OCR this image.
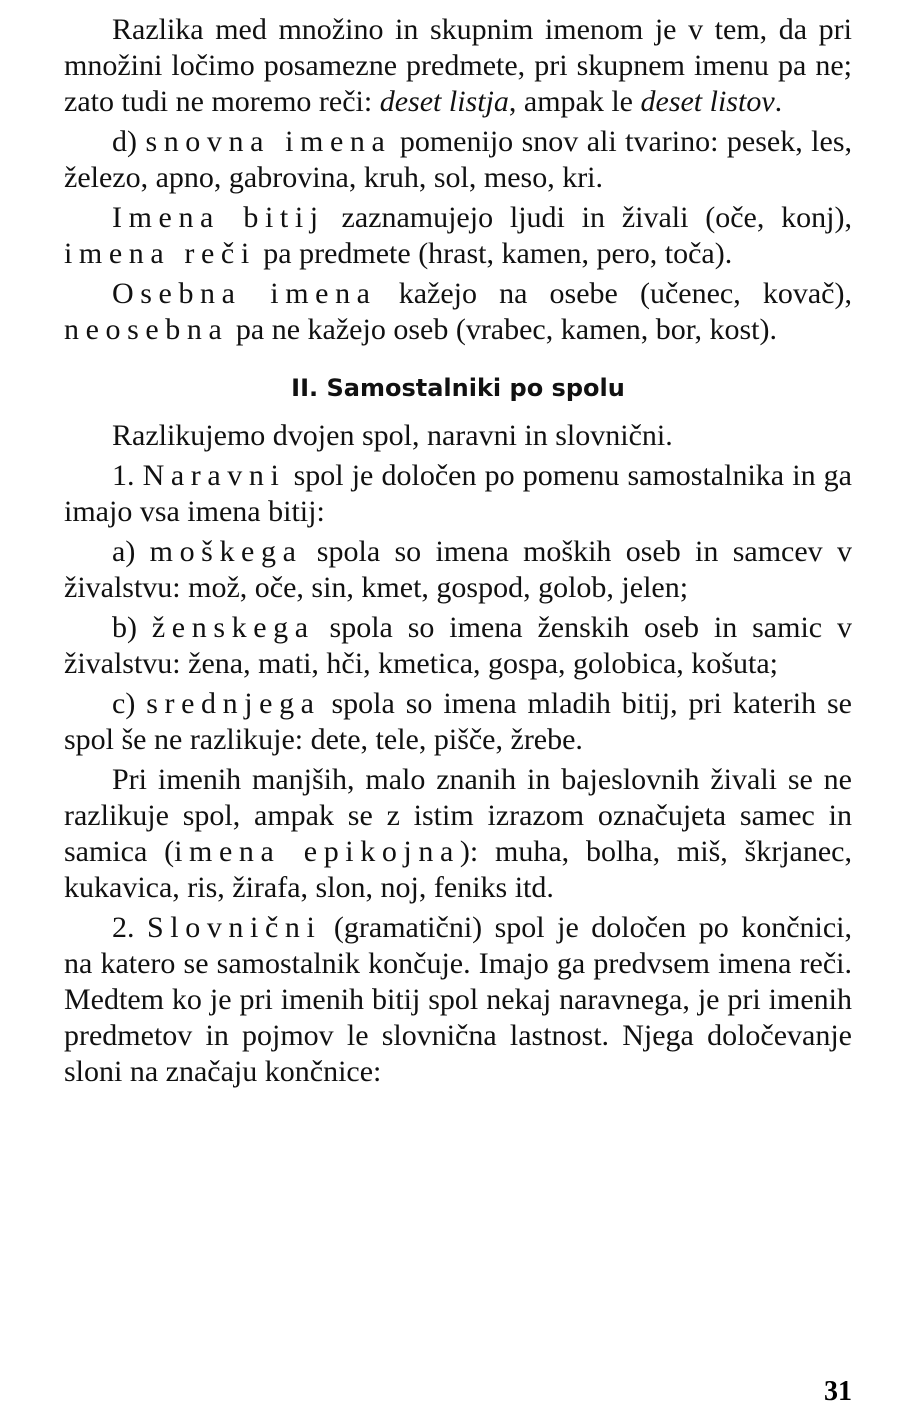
Razlika med množino in skupnim imenom je v tem, da pri množini ločimo posamezne predmete, pri skupnem imenu pa ne; zato tudi ne moremo reči: deset listja, ampak le deset listov.

d) snovna imena pomenijo snov ali tvarino: pesek, les, železo, apno, gabrovina, kruh, sol, meso, kri.

Imena bitij zaznamujejo ljudi in živali (oče, konj), imena reči pa predmete (hrast, kamen, pero, toča).

Osebna imena kažejo na osebe (učenec, kovač), neosebna pa ne kažejo oseb (vrabec, kamen, bor, kost).

II. Samostalniki po spolu

Razlikujemo dvojen spol, naravni in slovnični.

1. Naravni spol je določen po pomenu samostalnika in ga imajo vsa imena bitij:

a) moškega spola so imena moških oseb in samcev v živalstvu: mož, oče, sin, kmet, gospod, golob, jelen;

b) ženskega spola so imena ženskih oseb in samic v živalstvu: žena, mati, hči, kmetica, gospa, golobica, košuta;

c) srednjega spola so imena mladih bitij, pri katerih se spol še ne razlikuje: dete, tele, pišče, žrebe.

Pri imenih manjših, malo znanih in bajeslovnih živali se ne razlikuje spol, ampak se z istim izrazom označujeta samec in samica (imena epikojna): muha, bolha, miš, škrjanec, kukavica, ris, žirafa, slon, noj, feniks itd.

2. Slovnični (gramatični) spol je določen po končnici, na katero se samostalnik končuje. Imajo ga predvsem imena reči. Medtem ko je pri imenih bitij spol nekaj naravnega, je pri imenih predmetov in pojmov le slovnična lastnost. Njega določevanje sloni na značaju končnice:

31
